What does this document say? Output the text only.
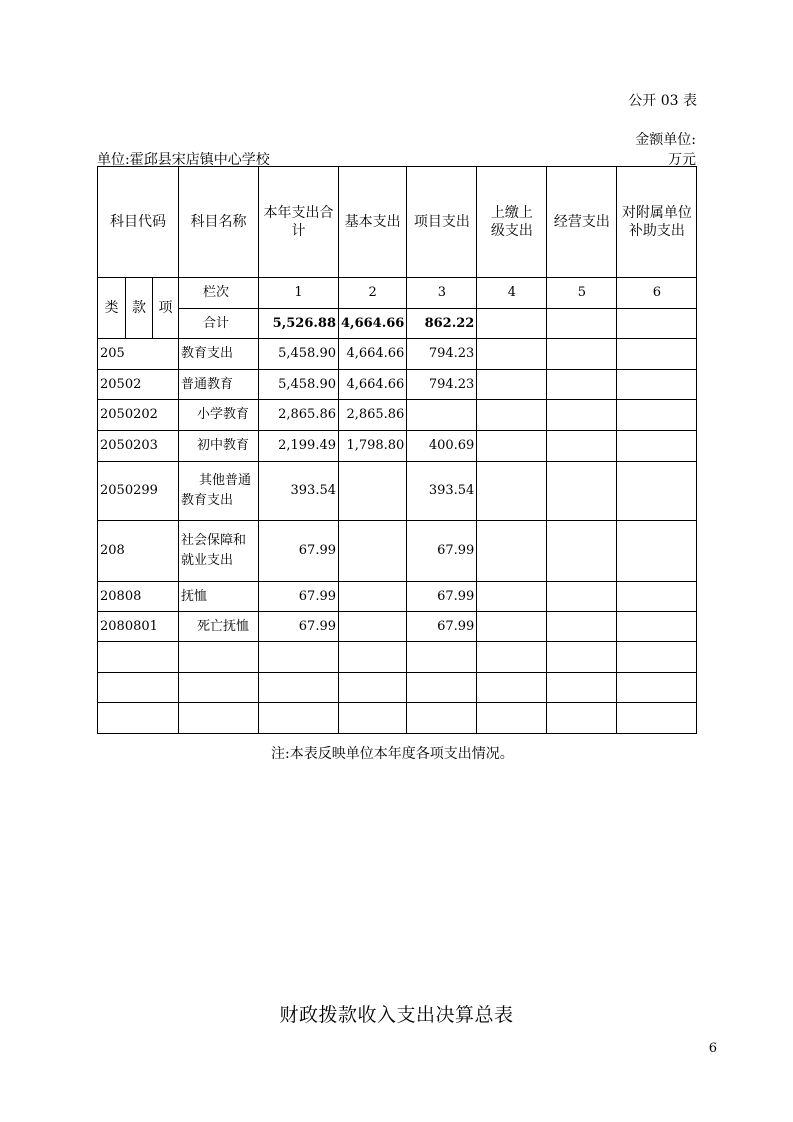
公开 03 表
金额单位:
万元
单位:霍邱县宋店镇中心学校
科目代码			科目名称	本年支出合计	基本支出	项目支出	上缴上级支出	经营支出	对附属单位补助支出
类	款	项	栏次	1	2	3	4	5	6
			合计	5,526.88	4,664.66	862.22			
205			教育支出	5,458.90	4,664.66	794.23			
20502			普通教育	5,458.90	4,664.66	794.23			
2050202			小学教育	2,865.86	2,865.86				
2050203			初中教育	2,199.49	1,798.80	400.69			
2050299			其他普通教育支出	393.54		393.54			
208			社会保障和就业支出	67.99		67.99			
20808			抚恤	67.99		67.99			
2080801			死亡抚恤	67.99		67.99			

注:本表反映单位本年度各项支出情况。
财政拨款收入支出决算总表
6
